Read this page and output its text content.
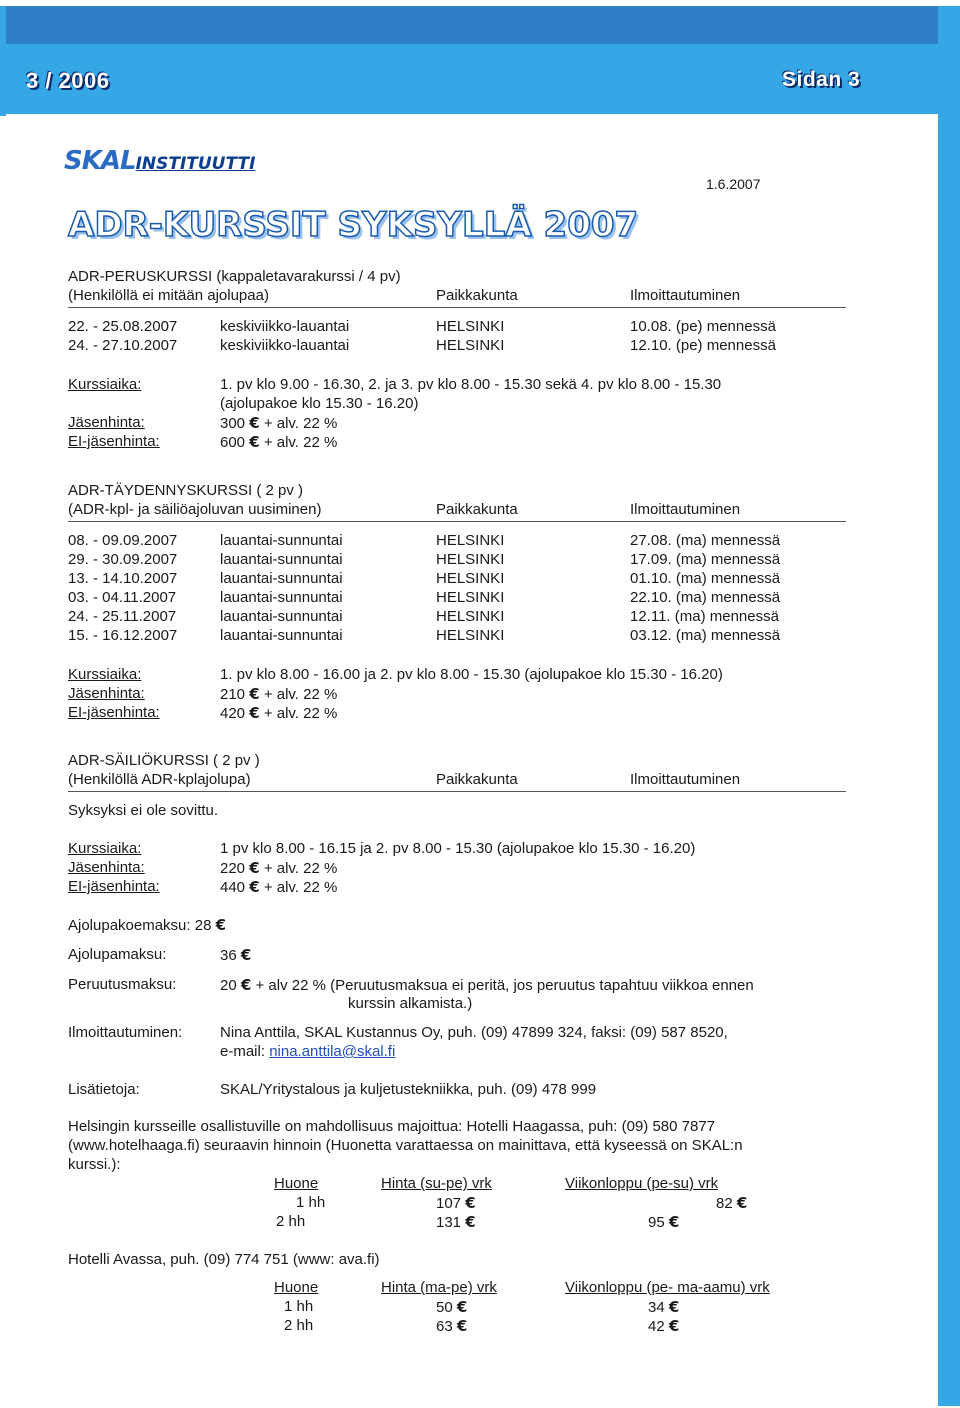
3 / 2006	Sidan 3
SKALINSTITUUTTI
1.6.2007
ADR-KURSSIT SYKSYLLÄ 2007
ADR-PERUSKURSSI (kappaletavarakurssi / 4 pv)
(Henkilöllä ei mitään ajolupaa)	Paikkakunta	Ilmoittautuminen
22. - 25.08.2007	keskiviikko-lauantai	HELSINKI	10.08. (pe) mennessä
24. - 27.10.2007	keskiviikko-lauantai	HELSINKI	12.10. (pe) mennessä
Kurssiaika:	1. pv klo 9.00 - 16.30, 2. ja 3. pv klo 8.00 - 15.30 sekä 4. pv klo 8.00 - 15.30
(ajolupakoe klo 15.30 - 16.20)
Jäsenhinta:	300 € + alv. 22 %
EI-jäsenhinta:	600 € + alv. 22 %
ADR-TÄYDENNYSKURSSI ( 2 pv )
(ADR-kpl- ja säiliöajoluvan uusiminen)	Paikkakunta	Ilmoittautuminen
08. - 09.09.2007	lauantai-sunnuntai	HELSINKI	27.08. (ma) mennessä
29. - 30.09.2007	lauantai-sunnuntai	HELSINKI	17.09. (ma) mennessä
13. - 14.10.2007	lauantai-sunnuntai	HELSINKI	01.10. (ma) mennessä
03. - 04.11.2007	lauantai-sunnuntai	HELSINKI	22.10. (ma) mennessä
24. - 25.11.2007	lauantai-sunnuntai	HELSINKI	12.11. (ma) mennessä
15. - 16.12.2007	lauantai-sunnuntai	HELSINKI	03.12. (ma) mennessä
Kurssiaika:	1. pv klo 8.00 - 16.00 ja 2. pv klo 8.00 - 15.30 (ajolupakoe klo 15.30 - 16.20)
Jäsenhinta:	210 € + alv. 22 %
EI-jäsenhinta:	420 € + alv. 22 %
ADR-SÄILIÖKURSSI ( 2 pv )
(Henkilöllä ADR-kplajolupa)	Paikkakunta	Ilmoittautuminen
Syksyksi ei ole sovittu.
Kurssiaika:	1 pv klo 8.00 - 16.15 ja 2. pv 8.00 - 15.30 (ajolupakoe klo 15.30 - 16.20)
Jäsenhinta:	220 € + alv. 22 %
EI-jäsenhinta:	440 € + alv. 22 %
Ajolupakoemaksu: 28 €
Ajolupamaksu:	36 €
Peruutusmaksu:	20 € + alv 22 % (Peruutusmaksua ei peritä, jos peruutus tapahtuu viikkoa ennen
kurssin alkamista.)
Ilmoittautuminen:	Nina Anttila, SKAL Kustannus Oy, puh. (09) 47899 324, faksi: (09) 587 8520,
e-mail: nina.anttila@skal.fi
Lisätietoja:	SKAL/Yritystalous ja kuljetustekniikka, puh. (09) 478 999
Helsingin kursseille osallistuville on mahdollisuus majoittua: Hotelli Haagassa, puh: (09) 580 7877
(www.hotelhaaga.fi) seuraavin hinnoin (Huonetta varattaessa on mainittava, että kyseessä on SKAL:n
kurssi.):
Huone	Hinta (su-pe) vrk	Viikonloppu (pe-su) vrk
1 hh	107 €	82 €
2 hh	131 €	95 €
Hotelli Avassa, puh. (09) 774 751 (www: ava.fi)
Huone	Hinta (ma-pe) vrk	Viikonloppu (pe- ma-aamu) vrk
1 hh	50 €	34 €
2 hh	63 €	42 €
